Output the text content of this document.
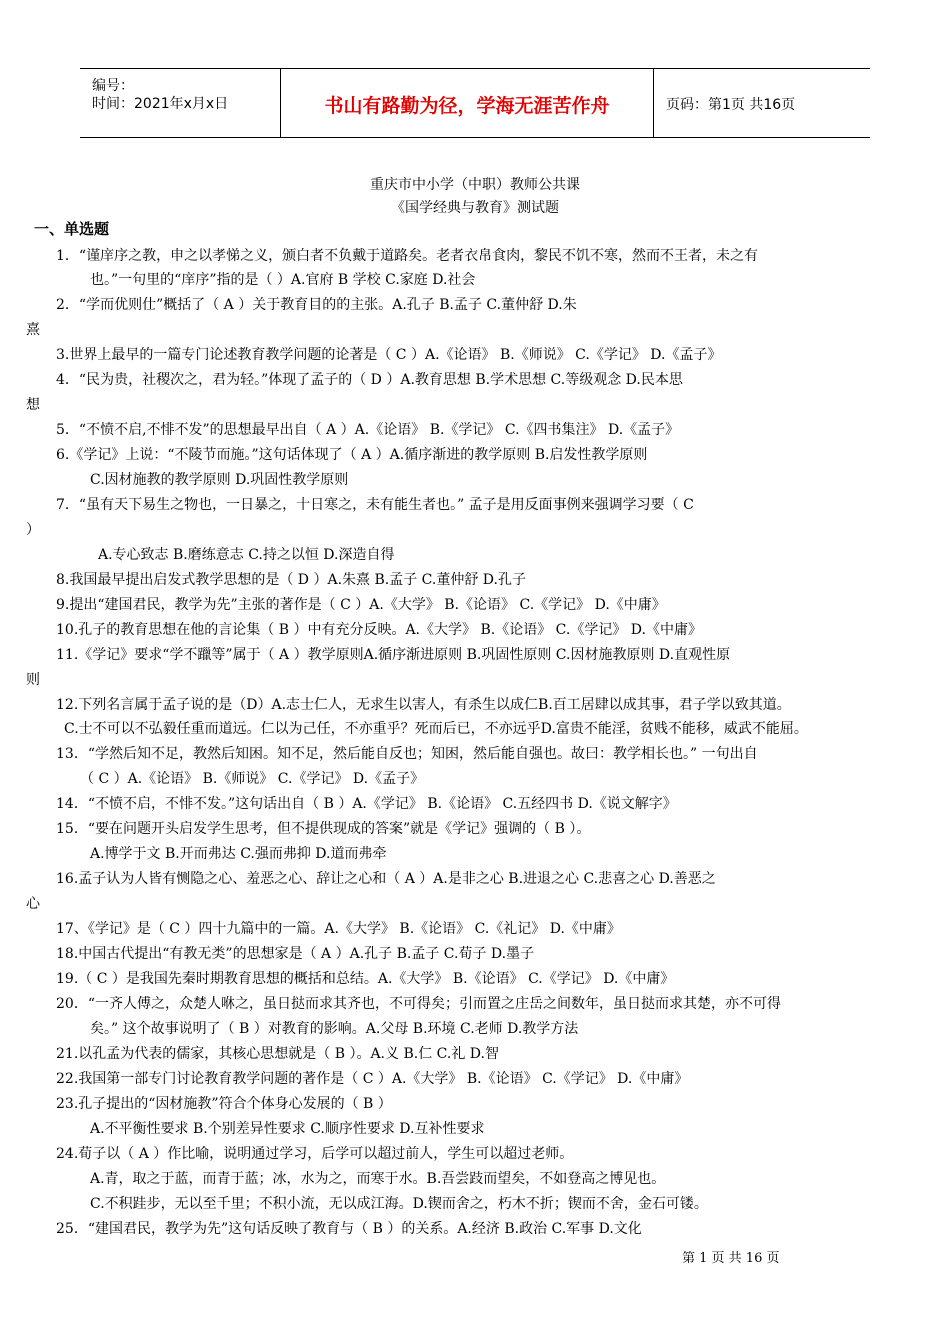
编号：
时间：2021年x月x日	书山有路勤为径，学海无涯苦作舟	页码：第1页 共16页
重庆市中小学（中职）教师公共课
《国学经典与教育》测试题
一、单选题
1．“谨庠序之教，申之以孝悌之义，颁白者不负戴于道路矣。老者衣帛食肉，黎民不饥不寒，然而不王者，未之有
也。”一句里的“庠序”指的是（ ）A.官府 B 学校 C.家庭 D.社会
2．“学而优则仕”概括了（ A ）关于教育目的的主张。A.孔子 B.孟子 C.董仲舒 D.朱
熹
3.世界上最早的一篇专门论述教育教学问题的论著是（ C ）A.《论语》 B.《师说》 C.《学记》 D.《孟子》
4．“民为贵，社稷次之，君为轻。”体现了孟子的（ D ）A.教育思想 B.学术思想 C.等级观念 D.民本思
想
5．“不愤不启,不悱不发”的思想最早出自（ A ）A.《论语》 B.《学记》 C.《四书集注》 D.《孟子》
6.《学记》上说：“不陵节而施。”这句话体现了（ A ）A.循序渐进的教学原则 B.启发性教学原则
C.因材施教的教学原则 D.巩固性教学原则
7．“虽有天下易生之物也，一日暴之，十日寒之，未有能生者也。” 孟子是用反面事例来强调学习要（ C
）
A.专心致志 B.磨练意志 C.持之以恒 D.深造自得
8.我国最早提出启发式教学思想的是（ D ）A.朱熹 B.孟子 C.董仲舒 D.孔子
9.提出“建国君民，教学为先”主张的著作是（ C ）A.《大学》 B.《论语》 C.《学记》 D.《中庸》
10.孔子的教育思想在他的言论集（ B ）中有充分反映。A.《大学》 B.《论语》 C.《学记》 D.《中庸》
11.《学记》要求“学不躐等”属于（ A ）教学原则A.循序渐进原则 B.巩固性原则 C.因材施教原则 D.直观性原
则
12.下列名言属于孟子说的是（D）A.志士仁人，无求生以害人，有杀生以成仁B.百工居肆以成其事，君子学以致其道。
C.士不可以不弘毅任重而道远。仁以为己任，不亦重乎？死而后已，不亦远乎D.富贵不能淫，贫贱不能移，威武不能屈。
13．“学然后知不足，教然后知困。知不足，然后能自反也；知困，然后能自强也。故曰：教学相长也。” 一句出自
（ C ）A.《论语》 B.《师说》 C.《学记》 D.《孟子》
14．“不愤不启，不悱不发。”这句话出自（ B ）A.《学记》 B.《论语》 C.五经四书 D.《说文解字》
15．“要在问题开头启发学生思考，但不提供现成的答案”就是《学记》强调的（ B ）。
A.博学于文 B.开而弗达 C.强而弗抑 D.道而弗牵
16.孟子认为人皆有恻隐之心、羞恶之心、辞让之心和（ A ）A.是非之心 B.进退之心 C.悲喜之心 D.善恶之
心
17、《学记》是（ C ）四十九篇中的一篇。A.《大学》 B.《论语》 C.《礼记》 D.《中庸》
18.中国古代提出“有教无类”的思想家是（ A ）A.孔子 B.孟子 C.荀子 D.墨子
19.（ C ）是我国先秦时期教育思想的概括和总结。A.《大学》 B.《论语》 C.《学记》 D.《中庸》
20．“一齐人傅之，众楚人咻之，虽日挞而求其齐也，不可得矣；引而置之庄岳之间数年，虽日挞而求其楚，亦不可得
矣。” 这个故事说明了（ B ）对教育的影响。A.父母 B.环境 C.老师 D.教学方法
21.以孔孟为代表的儒家，其核心思想就是（ B ）。A.义 B.仁 C.礼 D.智
22.我国第一部专门讨论教育教学问题的著作是（ C ）A.《大学》 B.《论语》 C.《学记》 D.《中庸》
23.孔子提出的“因材施教”符合个体身心发展的（ B ）
A.不平衡性要求 B.个别差异性要求 C.顺序性要求 D.互补性要求
24.荀子以（ A ）作比喻，说明通过学习，后学可以超过前人，学生可以超过老师。
A.青，取之于蓝，而青于蓝；冰，水为之，而寒于水。B.吾尝跂而望矣，不如登高之博见也。
C.不积跬步，无以至千里；不积小流，无以成江海。D.锲而舍之，朽木不折；锲而不舍，金石可镂。
25．“建国君民，教学为先”这句话反映了教育与（ B ）的关系。A.经济 B.政治 C.军事 D.文化
第 1 页 共 16 页
